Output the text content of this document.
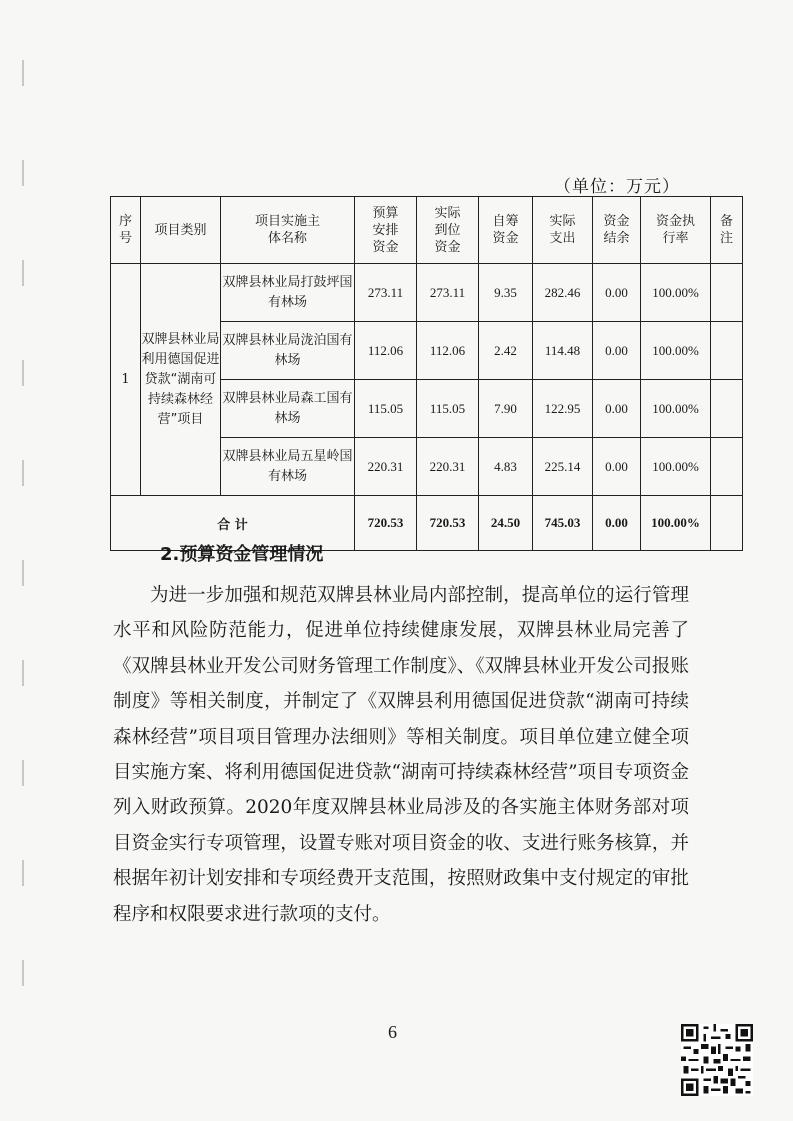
（单位：万元）
序号	项目类别	项目实施主体名称	预算安排资金	实际到位资金	自筹资金	实际支出	资金结余	资金执行率	备注
1	双牌县林业局利用德国促进贷款“湖南可持续森林经营”项目	双牌县林业局打鼓坪国有林场	273.11	273.11	9.35	282.46	0.00	100.00%	
		双牌县林业局泷泊国有林场	112.06	112.06	2.42	114.48	0.00	100.00%	
		双牌县林业局森工国有林场	115.05	115.05	7.90	122.95	0.00	100.00%	
		双牌县林业局五星岭国有林场	220.31	220.31	4.83	225.14	0.00	100.00%	
合 计			720.53	720.53	24.50	745.03	0.00	100.00%	
2.预算资金管理情况

为进一步加强和规范双牌县林业局内部控制，提高单位的运行管理水平和风险防范能力，促进单位持续健康发展，双牌县林业局完善了《双牌县林业开发公司财务管理工作制度》、《双牌县林业开发公司报账制度》等相关制度，并制定了《双牌县利用德国促进贷款“湖南可持续森林经营”项目项目管理办法细则》等相关制度。项目单位建立健全项目实施方案、将利用德国促进贷款“湖南可持续森林经营”项目专项资金列入财政预算。2020年度双牌县林业局涉及的各实施主体财务部对项目资金实行专项管理，设置专账对项目资金的收、支进行账务核算，并根据年初计划安排和专项经费开支范围，按照财政集中支付规定的审批程序和权限要求进行款项的支付。

6
